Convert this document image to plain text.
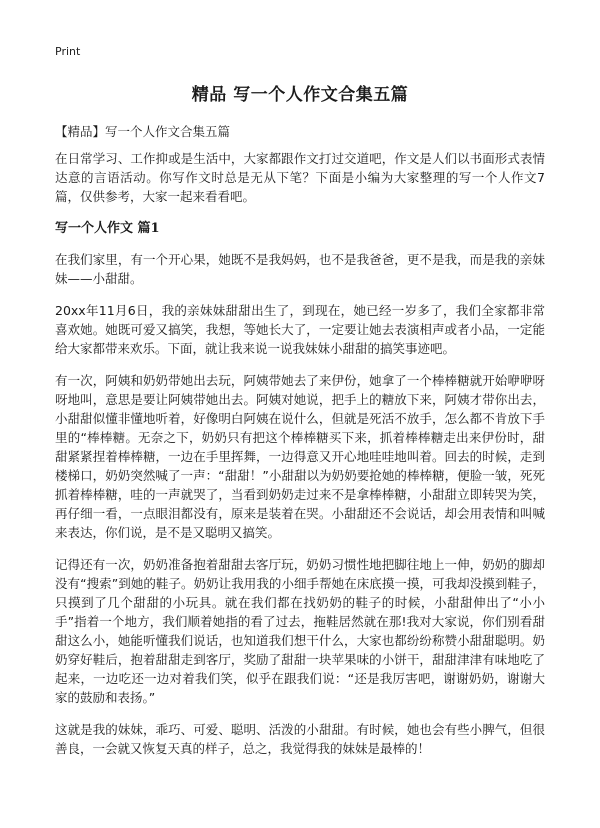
Print
精品 写一个人作文合集五篇

【精品】写一个人作文合集五篇

在日常学习、工作抑或是生活中，大家都跟作文打过交道吧，作文是人们以书面形式表情达意的言语活动。你写作文时总是无从下笔？下面是小编为大家整理的写一个人作文7篇，仅供参考，大家一起来看看吧。

写一个人作文 篇1

在我们家里，有一个开心果，她既不是我妈妈，也不是我爸爸，更不是我，而是我的亲妹妹——小甜甜。

20xx年11月6日，我的亲妹妹甜甜出生了，到现在，她已经一岁多了，我们全家都非常喜欢她。她既可爱又搞笑，我想，等她长大了，一定要让她去表演相声或者小品，一定能给大家都带来欢乐。下面，就让我来说一说我妹妹小甜甜的搞笑事迹吧。

有一次，阿姨和奶奶带她出去玩，阿姨带她去了来伊份，她拿了一个棒棒糖就开始咿咿呀呀地叫，意思是要让阿姨带她出去。阿姨对她说，把手上的糖放下来，阿姨才带你出去，小甜甜似懂非懂地听着，好像明白阿姨在说什么，但就是死活不放手，怎么都不肯放下手里的“棒棒糖。无奈之下，奶奶只有把这个棒棒糖买下来，抓着棒棒糖走出来伊份时，甜甜紧紧捏着棒棒糖，一边在手里挥舞，一边得意又开心地哇哇地叫着。回去的时候，走到楼梯口，奶奶突然喊了一声：“甜甜！”小甜甜以为奶奶要抢她的棒棒糖，便脸一皱，死死抓着棒棒糖，哇的一声就哭了，当看到奶奶走过来不是拿棒棒糖，小甜甜立即转哭为笑，再仔细一看，一点眼泪都没有，原来是装着在哭。小甜甜还不会说话，却会用表情和叫喊来表达，你们说，是不是又聪明又搞笑。

记得还有一次，奶奶准备抱着甜甜去客厅玩，奶奶习惯性地把脚往地上一伸，奶奶的脚却没有“搜索”到她的鞋子。奶奶让我用我的小细手帮她在床底摸一摸，可我却没摸到鞋子，只摸到了几个甜甜的小玩具。就在我们都在找奶奶的鞋子的时候，小甜甜伸出了“小小手”指着一个地方，我们顺着她指的看了过去，拖鞋居然就在那!我对大家说，你们别看甜甜这么小，她能听懂我们说话，也知道我们想干什么，大家也都纷纷称赞小甜甜聪明。奶奶穿好鞋后，抱着甜甜走到客厅，奖励了甜甜一块苹果味的小饼干，甜甜津津有味地吃了起来，一边吃还一边对着我们笑，似乎在跟我们说：“还是我厉害吧，谢谢奶奶，谢谢大家的鼓励和表扬。”

这就是我的妹妹，乖巧、可爱、聪明、活泼的小甜甜。有时候，她也会有些小脾气，但很善良，一会就又恢复天真的样子，总之，我觉得我的妹妹是最棒的！
